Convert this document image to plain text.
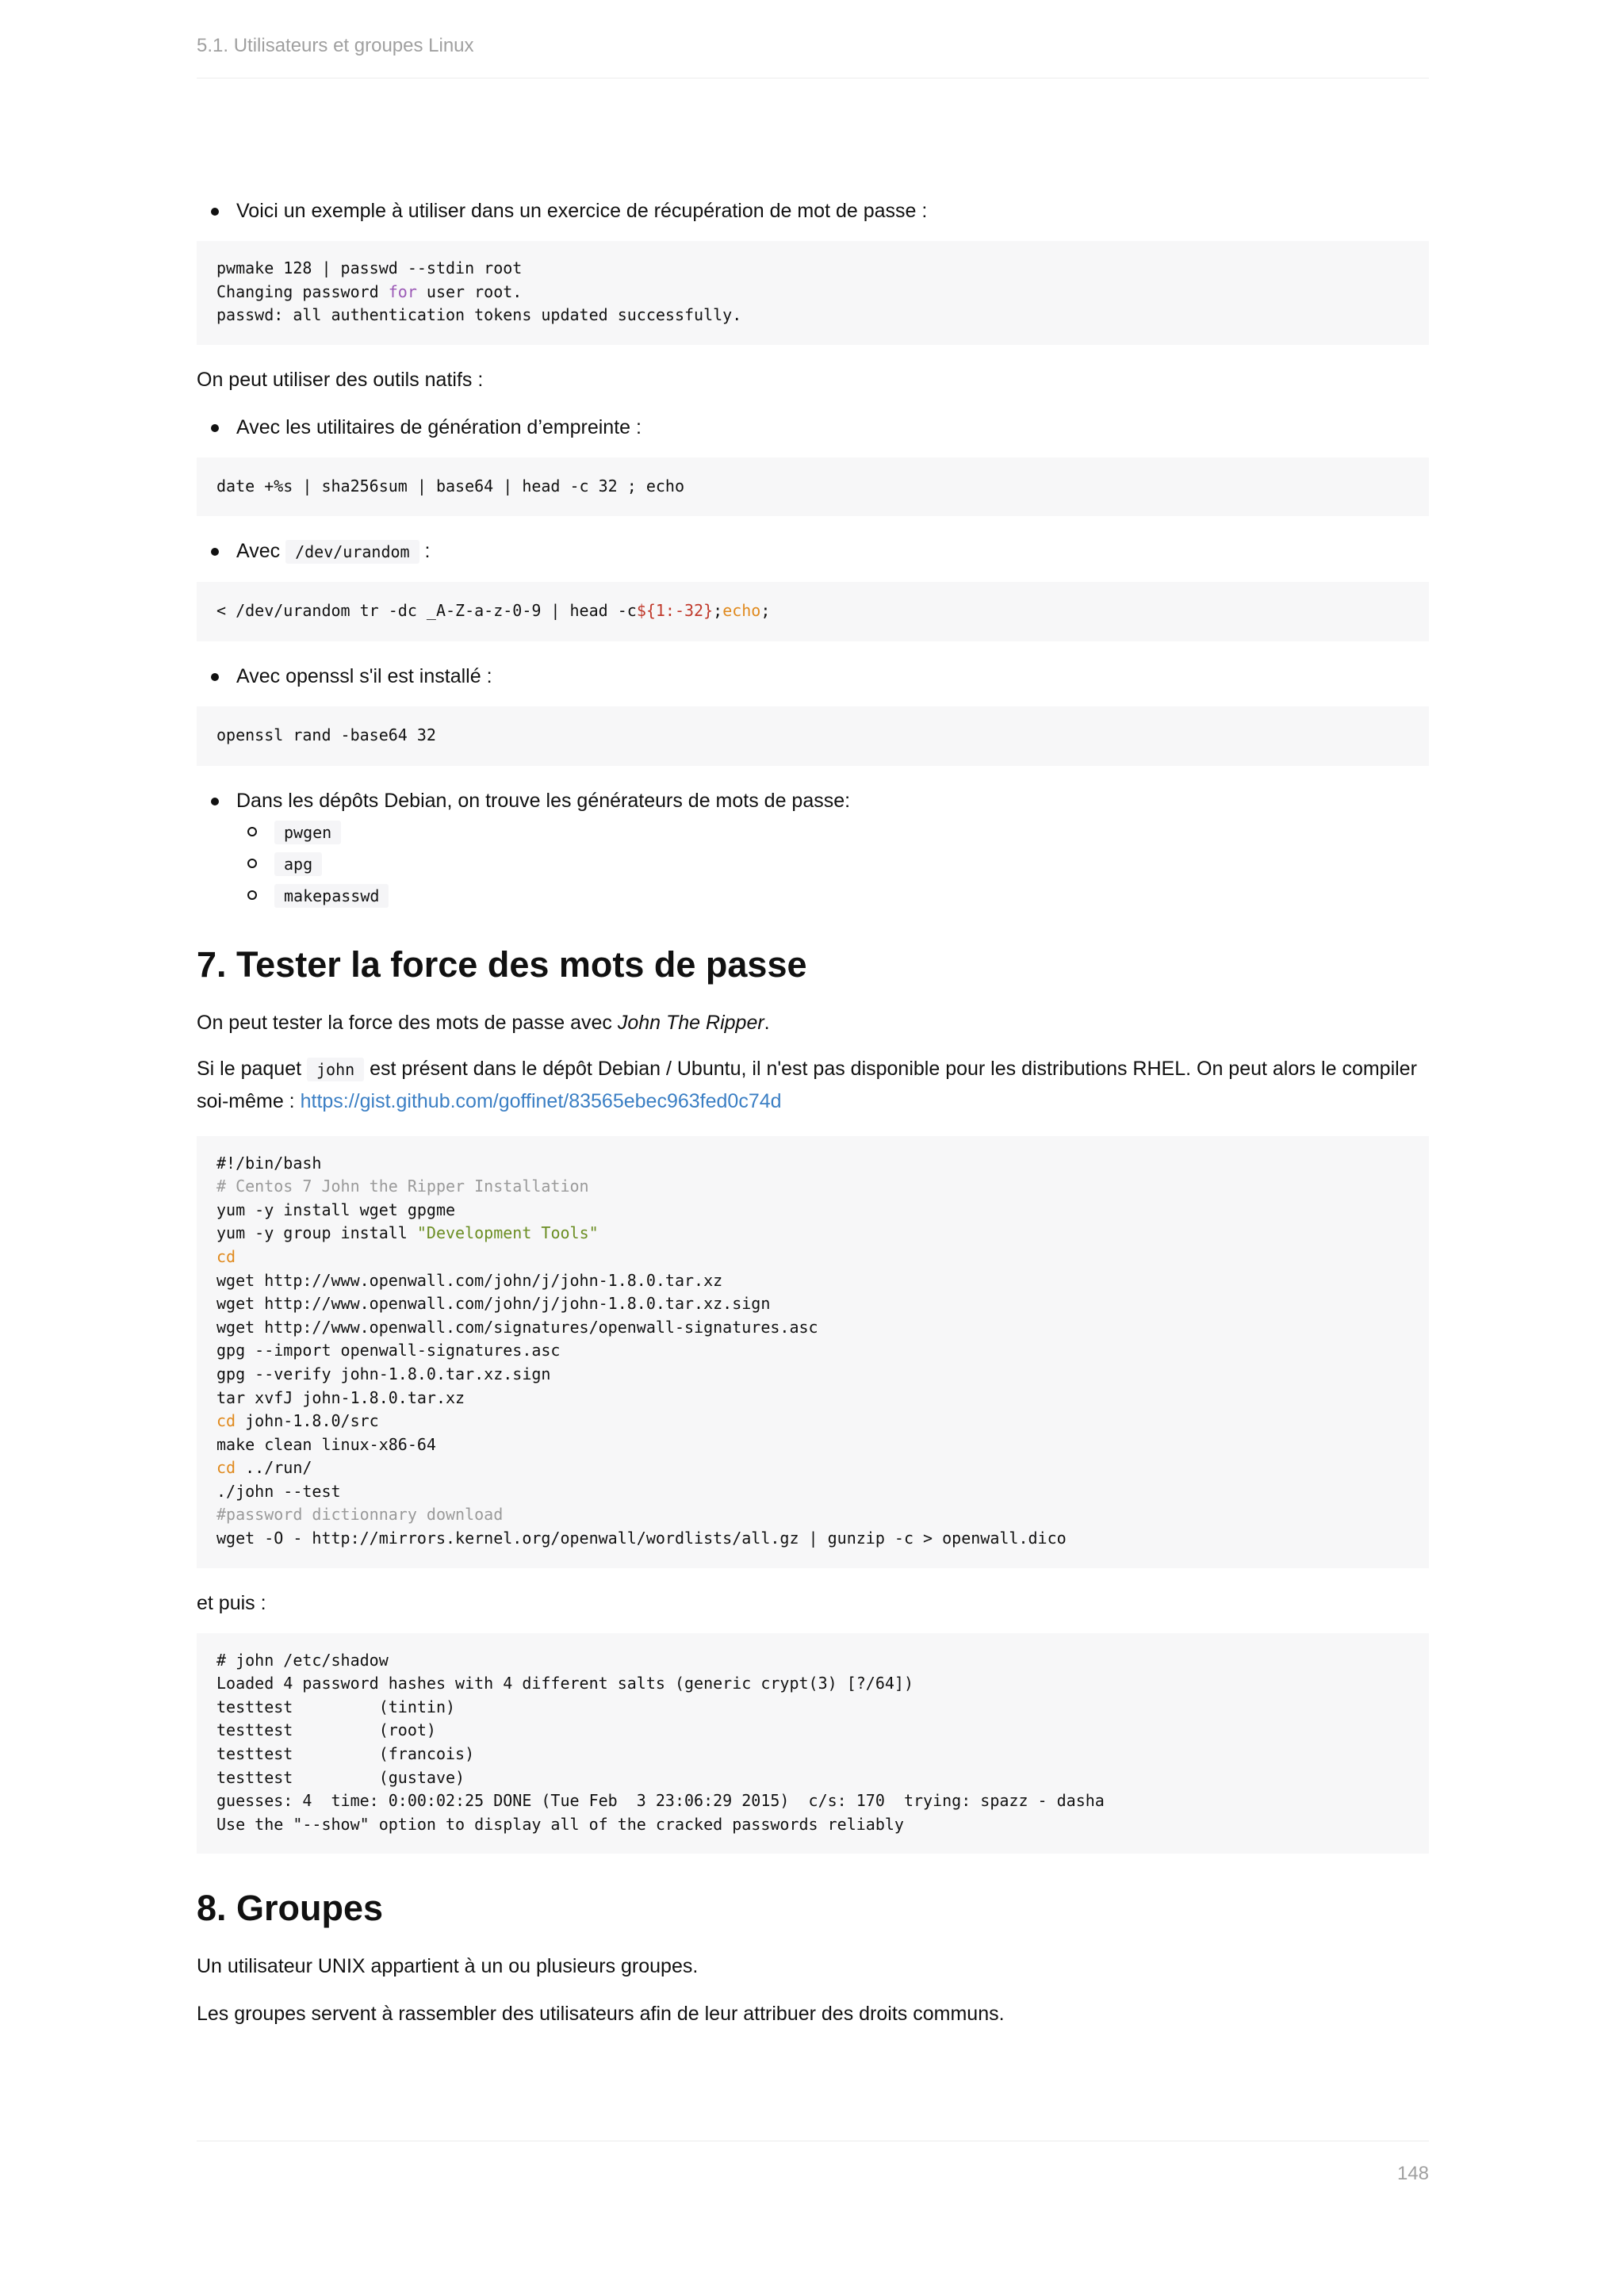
5.1. Utilisateurs et groupes Linux
Voici un exemple à utiliser dans un exercice de récupération de mot de passe :
pwmake 128 | passwd --stdin root
Changing password for user root.
passwd: all authentication tokens updated successfully.

On peut utiliser des outils natifs :

Avec les utilitaires de génération d’empreinte :
date +%s | sha256sum | base64 | head -c 32 ; echo
Avec /dev/urandom :
< /dev/urandom tr -dc _A-Z-a-z-0-9 | head -c${1:-32};echo;
Avec openssl s'il est installé :
openssl rand -base64 32
Dans les dépôts Debian, on trouve les générateurs de mots de passe:
pwgen
apg
makepasswd
7. Tester la force des mots de passe

On peut tester la force des mots de passe avec John The Ripper.

Si le paquet john est présent dans le dépôt Debian / Ubuntu, il n'est pas disponible pour les distributions RHEL. On peut alors le compiler soi-même : https://gist.github.com/goffinet/83565ebec963fed0c74d

#!/bin/bash
# Centos 7 John the Ripper Installation
yum -y install wget gpgme
yum -y group install "Development Tools"
cd
wget http://www.openwall.com/john/j/john-1.8.0.tar.xz
wget http://www.openwall.com/john/j/john-1.8.0.tar.xz.sign
wget http://www.openwall.com/signatures/openwall-signatures.asc
gpg --import openwall-signatures.asc
gpg --verify john-1.8.0.tar.xz.sign
tar xvfJ john-1.8.0.tar.xz
cd john-1.8.0/src
make clean linux-x86-64
cd ../run/
./john --test
#password dictionnary download
wget -O - http://mirrors.kernel.org/openwall/wordlists/all.gz | gunzip -c > openwall.dico

et puis :

# john /etc/shadow
Loaded 4 password hashes with 4 different salts (generic crypt(3) [?/64])
testtest         (tintin)
testtest         (root)
testtest         (francois)
testtest         (gustave)
guesses: 4  time: 0:00:02:25 DONE (Tue Feb  3 23:06:29 2015)  c/s: 170  trying: spazz - dasha
Use the "--show" option to display all of the cracked passwords reliably
8. Groupes

Un utilisateur UNIX appartient à un ou plusieurs groupes.

Les groupes servent à rassembler des utilisateurs afin de leur attribuer des droits communs.

148
